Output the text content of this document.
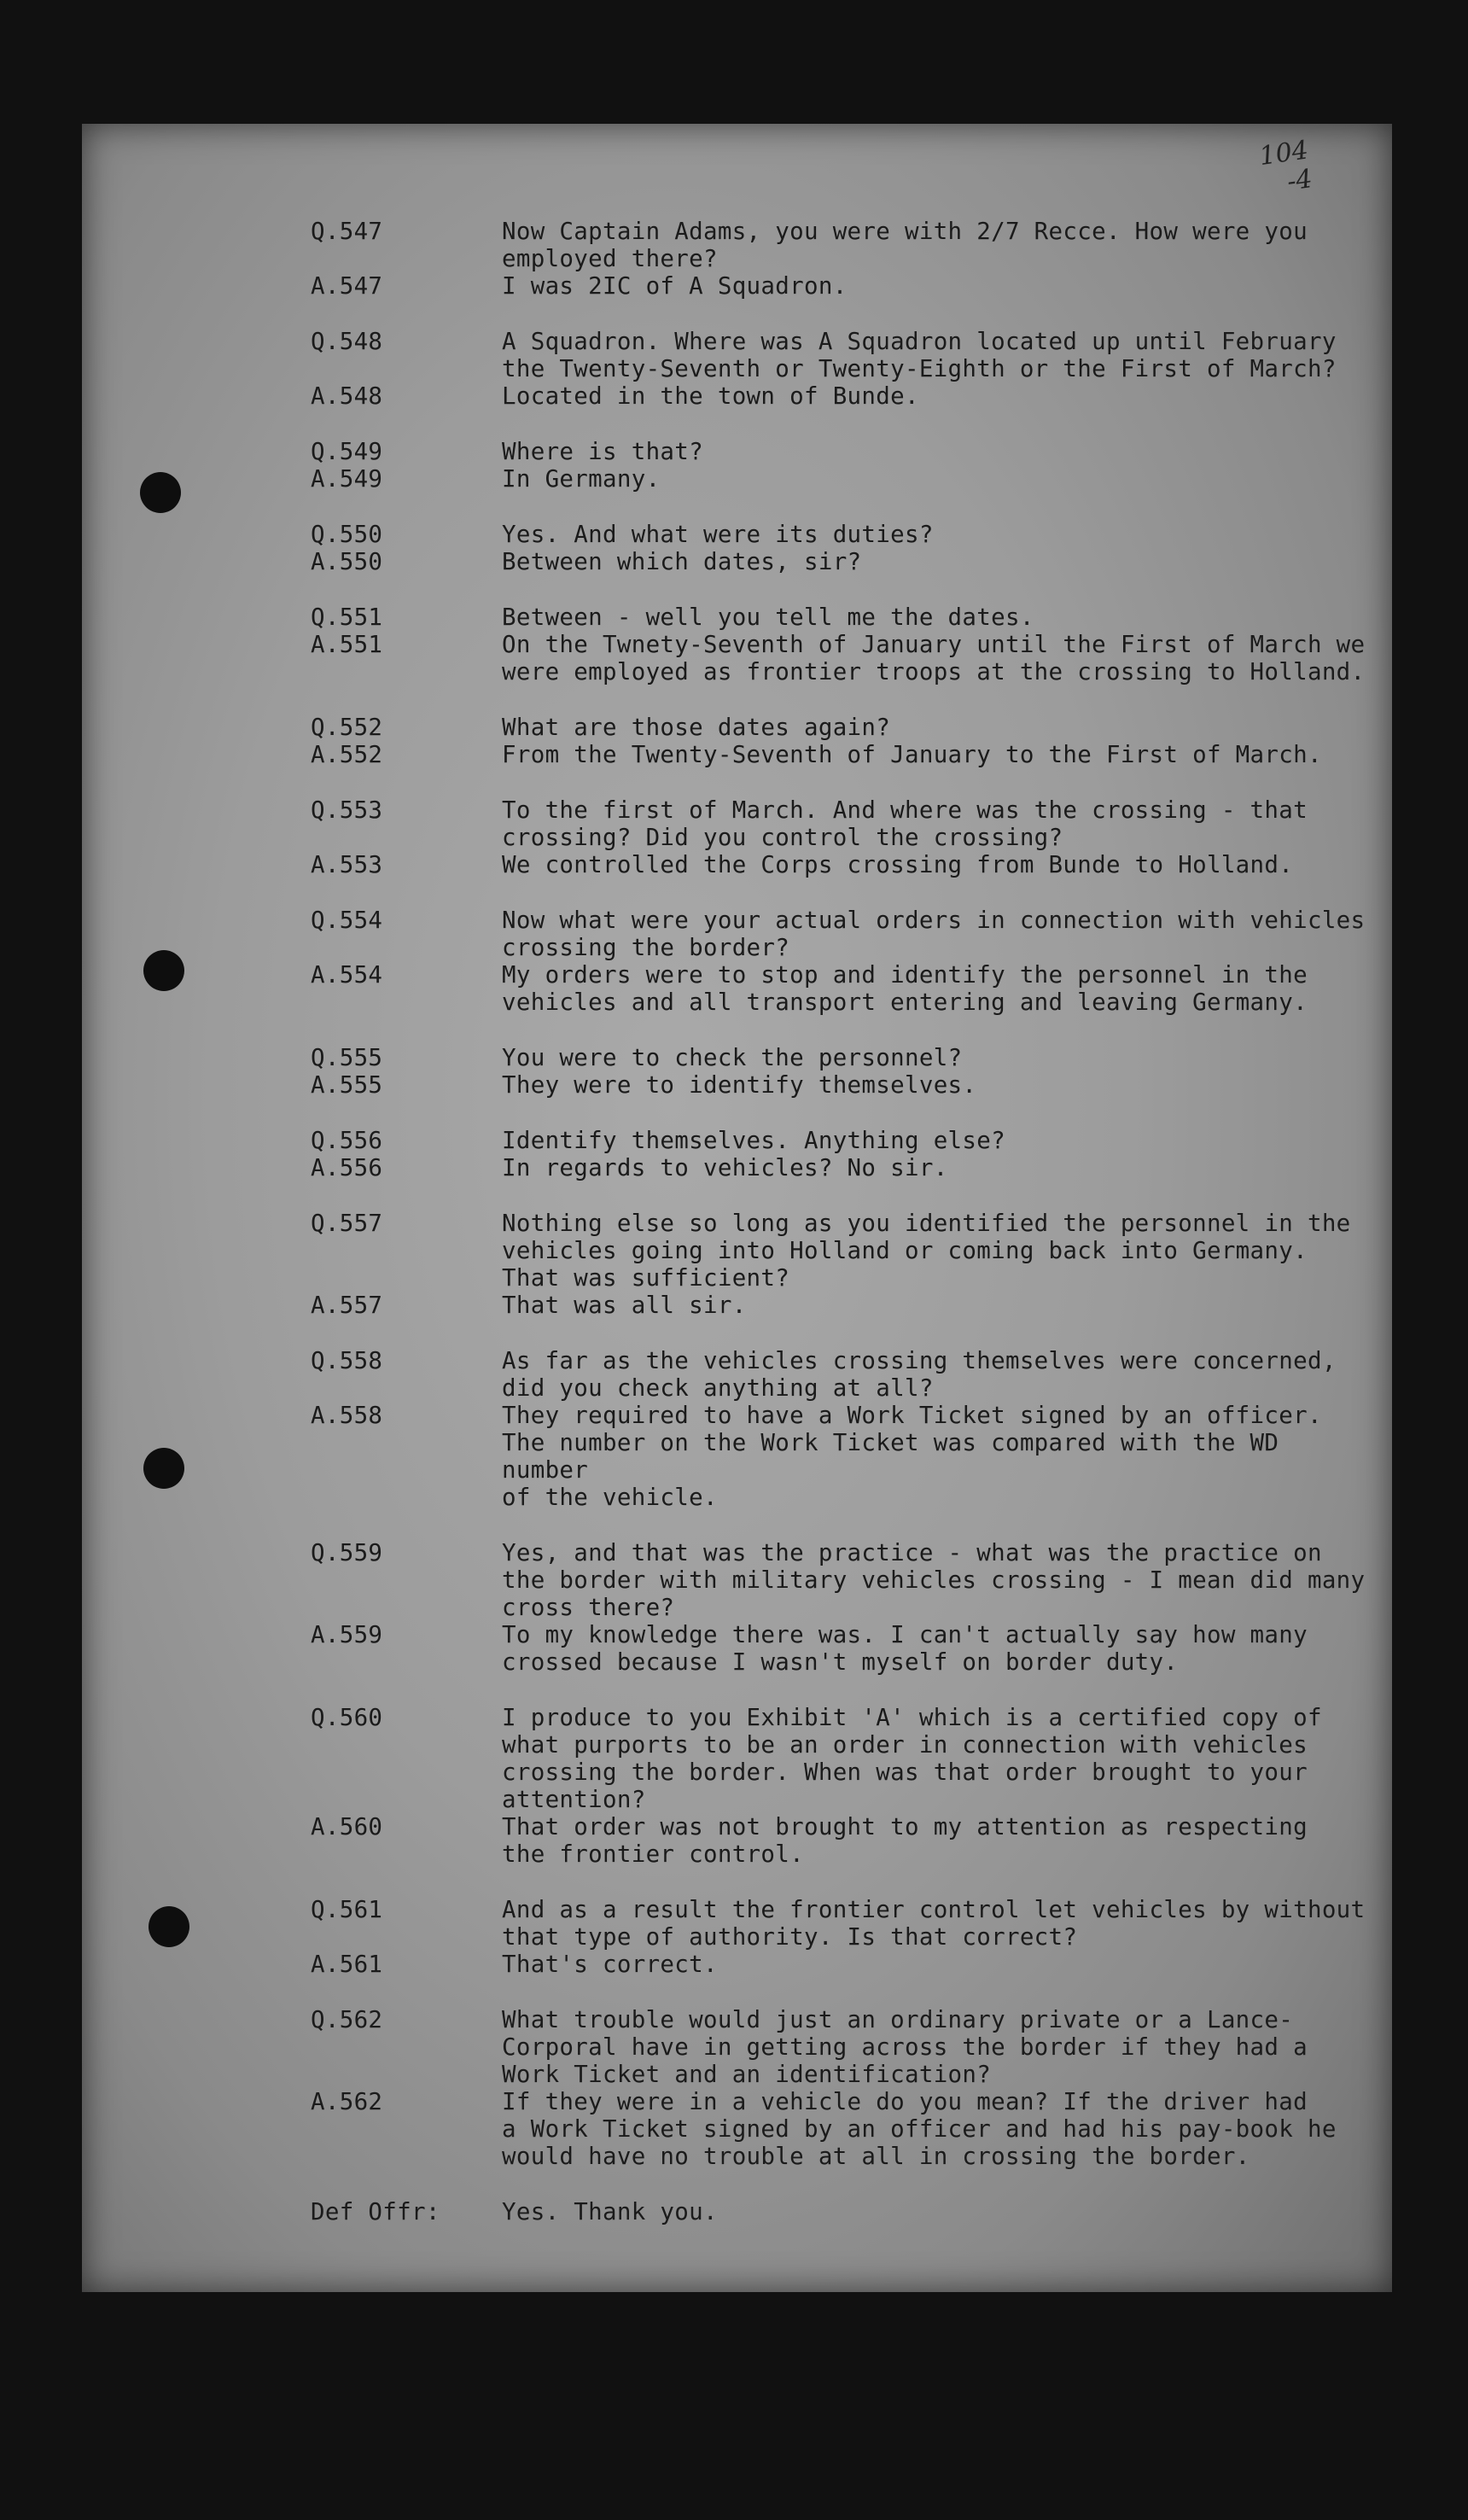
104
-4
Q.547	Now Captain Adams, you were with 2/7 Recce. How were you
employed there?
A.547	I was 2IC of A Squadron.
Q.548	A Squadron. Where was A Squadron located up until February
the Twenty-Seventh or Twenty-Eighth or the First of March?
A.548	Located in the town of Bunde.
Q.549	Where is that?
A.549	In Germany.
Q.550	Yes. And what were its duties?
A.550	Between which dates, sir?
Q.551	Between - well you tell me the dates.
A.551	On the Twnety-Seventh of January until the First of March we
were employed as frontier troops at the crossing to Holland.
Q.552	What are those dates again?
A.552	From the Twenty-Seventh of January to the First of March.
Q.553	To the first of March. And where was the crossing - that
crossing? Did you control the crossing?
A.553	We controlled the Corps crossing from Bunde to Holland.
Q.554	Now what were your actual orders in connection with vehicles
crossing the border?
A.554	My orders were to stop and identify the personnel in the
vehicles and all transport entering and leaving Germany.
Q.555	You were to check the personnel?
A.555	They were to identify themselves.
Q.556	Identify themselves. Anything else?
A.556	In regards to vehicles? No sir.
Q.557	Nothing else so long as you identified the personnel in the
vehicles going into Holland or coming back into Germany.
That was sufficient?
A.557	That was all sir.
Q.558	As far as the vehicles crossing themselves were concerned,
did you check anything at all?
A.558	They required to have a Work Ticket signed by an officer.
The number on the Work Ticket was compared with the WD number
of the vehicle.
Q.559	Yes, and that was the practice - what was the practice on
the border with military vehicles crossing - I mean did many
cross there?
A.559	To my knowledge there was. I can't actually say how many
crossed because I wasn't myself on border duty.
Q.560	I produce to you Exhibit 'A' which is a certified copy of
what purports to be an order in connection with vehicles
crossing the border. When was that order brought to your
attention?
A.560	That order was not brought to my attention as respecting
the frontier control.
Q.561	And as a result the frontier control let vehicles by without
that type of authority. Is that correct?
A.561	That's correct.
Q.562	What trouble would just an ordinary private or a Lance-
Corporal have in getting across the border if they had a
Work Ticket and an identification?
A.562	If they were in a vehicle do you mean? If the driver had
a Work Ticket signed by an officer and had his pay-book he
would have no trouble at all in crossing the border.
Def Offr:	Yes. Thank you.
